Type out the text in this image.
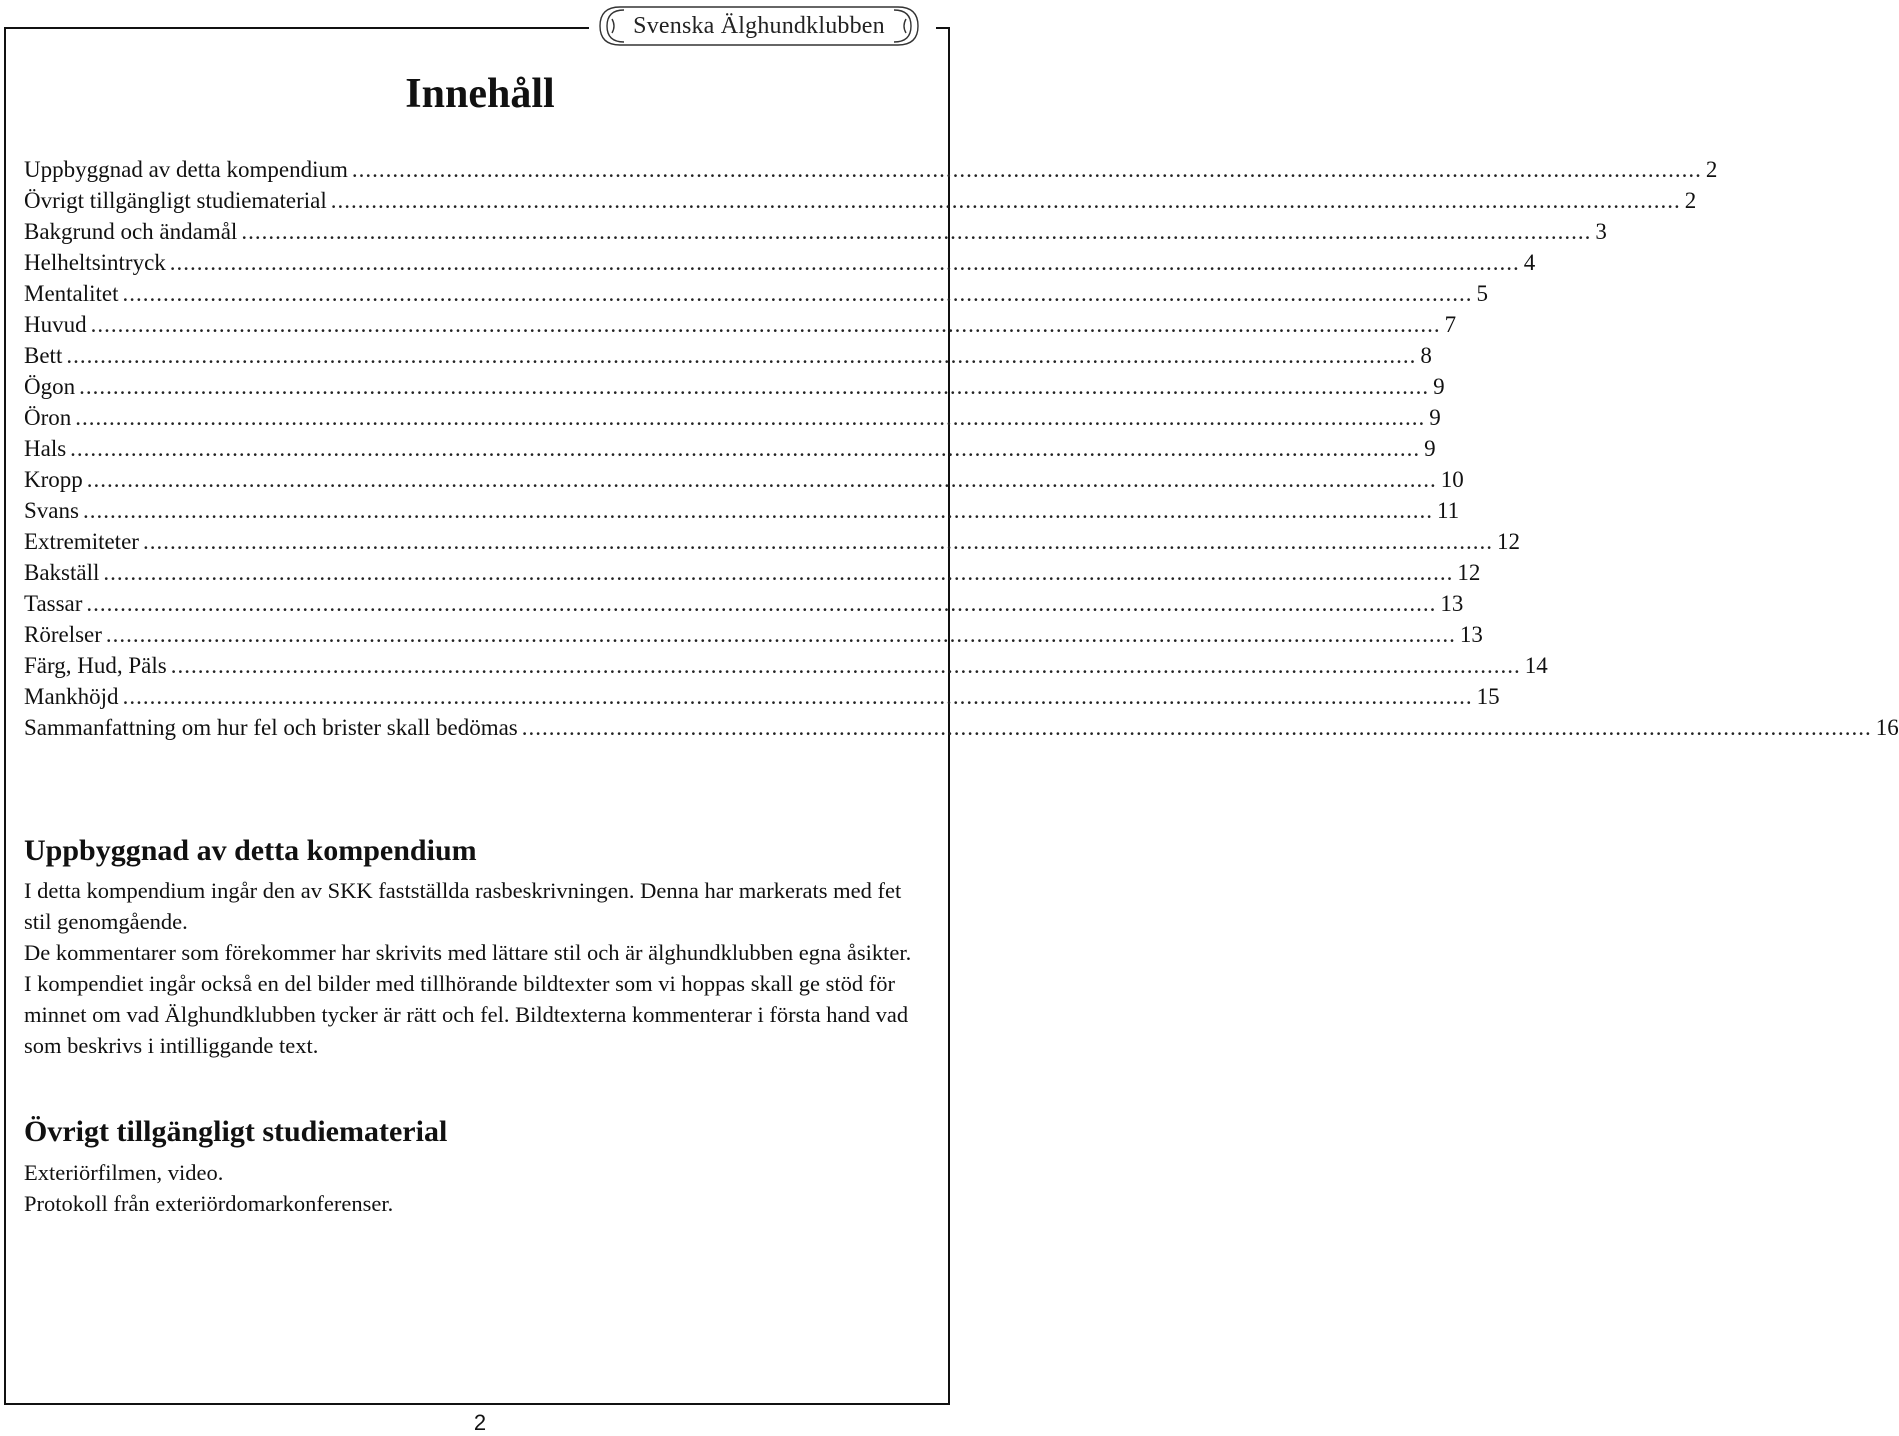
Svenska Älghundklubben
Innehåll
Uppbyggnad av detta kompendium ........................................................................................................................................................................................................ 2
Övrigt tillgängligt studiematerial ........................................................................................................................................................................................................ 2
Bakgrund och ändamål ........................................................................................................................................................................................................ 3
Helheltsintryck ........................................................................................................................................................................................................ 4
Mentalitet ........................................................................................................................................................................................................ 5
Huvud ........................................................................................................................................................................................................ 7
Bett ........................................................................................................................................................................................................ 8
Ögon ........................................................................................................................................................................................................ 9
Öron ........................................................................................................................................................................................................ 9
Hals ........................................................................................................................................................................................................ 9
Kropp ........................................................................................................................................................................................................ 10
Svans ........................................................................................................................................................................................................ 11
Extremiteter ........................................................................................................................................................................................................ 12
Bakställ ........................................................................................................................................................................................................ 12
Tassar ........................................................................................................................................................................................................ 13
Rörelser ........................................................................................................................................................................................................ 13
Färg, Hud, Päls ........................................................................................................................................................................................................ 14
Mankhöjd ........................................................................................................................................................................................................ 15
Sammanfattning om hur fel och brister skall bedömas ........................................................................................................................................................................................................ 16
Uppbyggnad av detta kompendium

I detta kompendium ingår den av SKK fastställda rasbeskrivningen. Denna har markerats med fet stil genomgående.

De kommentarer som förekommer har skrivits med lättare stil och är älghundklubben egna åsikter.

I kompendiet ingår också en del bilder med tillhörande bildtexter som vi hoppas skall ge stöd för minnet om vad Älghundklubben tycker är rätt och fel. Bildtexterna kommenterar i första hand vad som beskrivs i intilliggande text.

Övrigt tillgängligt studiematerial

Exteriörfilmen, video.

Protokoll från exteriördomarkonferenser.

2
